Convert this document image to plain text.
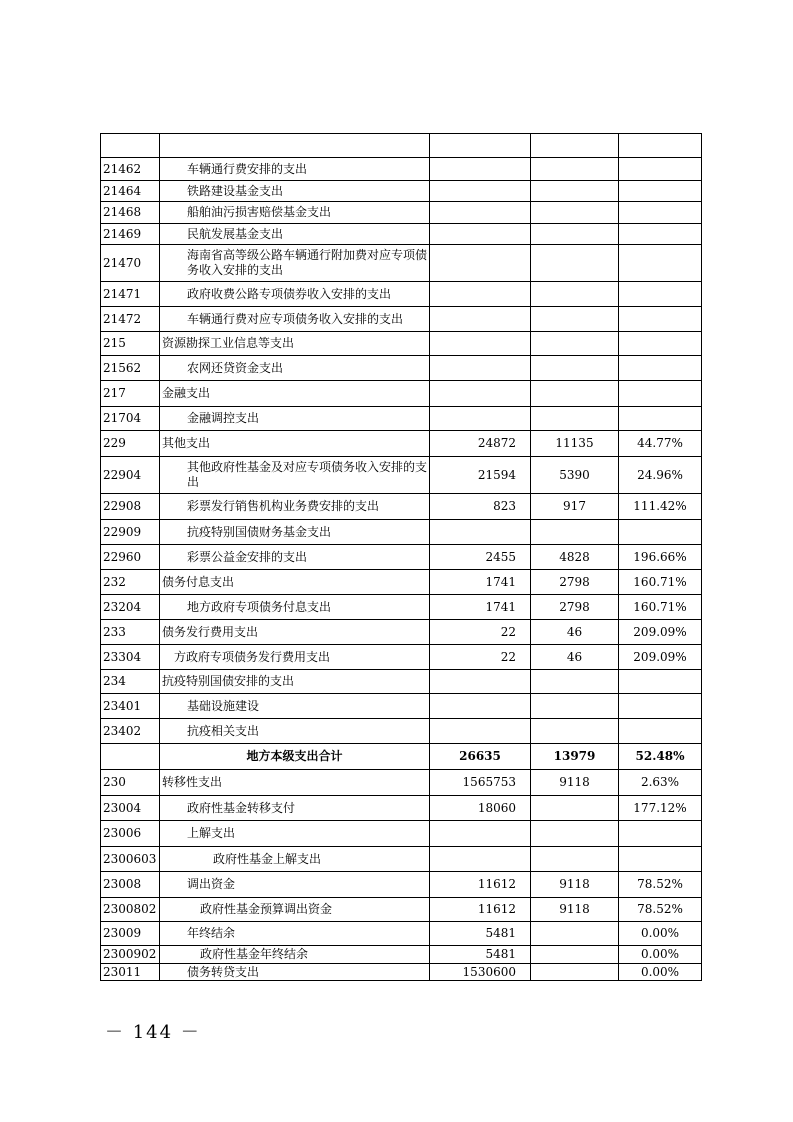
21462	车辆通行费安排的支出			
21464	铁路建设基金支出			
21468	船舶油污损害赔偿基金支出			
21469	民航发展基金支出			
21470	海南省高等级公路车辆通行附加费对应专项债务收入安排的支出			
21471	政府收费公路专项债券收入安排的支出			
21472	车辆通行费对应专项债务收入安排的支出			
215	资源勘探工业信息等支出			
21562	农网还贷资金支出			
217	金融支出			
21704	金融调控支出			
229	其他支出	24872	11135	44.77%
22904	其他政府性基金及对应专项债务收入安排的支出	21594	5390	24.96%
22908	彩票发行销售机构业务费安排的支出	823	917	111.42%
22909	抗疫特别国债财务基金支出			
22960	彩票公益金安排的支出	2455	4828	196.66%
232	债务付息支出	1741	2798	160.71%
23204	地方政府专项债务付息支出	1741	2798	160.71%
233	债务发行费用支出	22	46	209.09%
23304	方政府专项债务发行费用支出	22	46	209.09%
234	抗疫特别国债安排的支出			
23401	基础设施建设			
23402	抗疫相关支出			
	地方本级支出合计	26635	13979	52.48%
230	转移性支出	1565753	9118	2.63%
23004	政府性基金转移支付	18060		177.12%
23006	上解支出			
2300603	政府性基金上解支出			
23008	调出资金	11612	9118	78.52%
2300802	政府性基金预算调出资金	11612	9118	78.52%
23009	年终结余	5481		0.00%
2300902	政府性基金年终结余	5481		0.00%
23011	债务转贷支出	1530600		0.00%
－ 144 －
